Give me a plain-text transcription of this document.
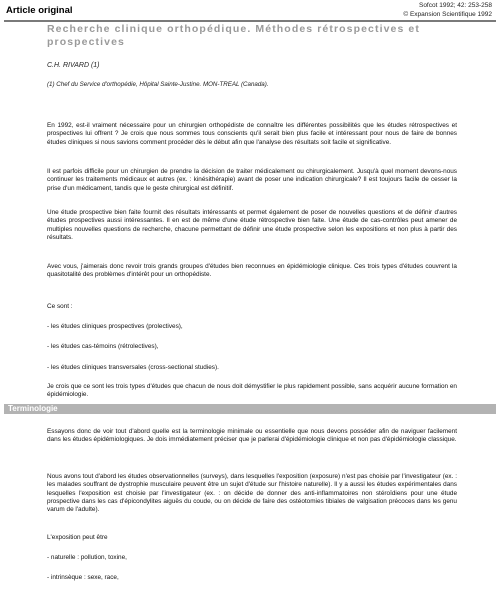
Article original	Sofcot 1992; 42: 253-258
© Expansion Scientifique 1992
Recherche clinique orthopédique. Méthodes rétrospectives et prospectives
C.H. RIVARD (1)
(1) Chef du Service d'orthopédie, Hôpital Sainte-Justine. MON-TREAL (Canada).
En 1992, est-il vraiment nécessaire pour un chirurgien orthopédiste de connaître les différentes possibilités que les études rétrospectives et prospectives lui offrent ? Je crois que nous sommes tous conscients qu'il serait bien plus facile et intéressant pour nous de faire de bonnes études cliniques si nous savions comment procéder dès le début afin que l'analyse des résultats soit facile et significative.
Il est parfois difficile pour un chirurgien de prendre la décision de traiter médicalement ou chirurgicalement. Jusqu'à quel moment devons-nous continuer les traitements médicaux et autres (ex. : kinésithérapie) avant de poser une indication chirurgicale? Il est toujours facile de cesser la prise d'un médicament, tandis que le geste chirurgical est définitif.
Une étude prospective bien faite fournit des résultats intéressants et permet également de poser de nouvelles questions et de définir d'autres études prospectives aussi intéressantes. Il en est de même d'une étude rétrospective bien faite. Une étude de cas-contrôles peut amener de multiples nouvelles questions de recherche, chacune permettant de définir une étude prospective selon les expositions et non plus à partir des résultats.
Avec vous, j'aimerais donc revoir trois grands groupes d'études bien reconnues en épidémiologie clinique. Ces trois types d'études couvrent la quasitotalité des problèmes d'intérêt pour un orthopédiste.
Ce sont :
- les études cliniques prospectives (prolectives),
- les études cas-témoins (rétrolectives),
- les études cliniques transversales (cross-sectional studies).
Je crois que ce sont les trois types d'études que chacun de nous doit démystifier le plus rapidement possible, sans acquérir aucune formation en épidémiologie.
Terminologie
Essayons donc de voir tout d'abord quelle est la terminologie minimale ou essentielle que nous devons posséder afin de naviguer facilement dans les études épidémiologiques. Je dois immédiatement préciser que je parlerai d'épidémiologie clinique et non pas d'épidémiologie classique.
Nous avons tout d'abord les études observationnelles (surveys), dans lesquelles l'exposition (exposure) n'est pas choisie par l'investigateur (ex. : les malades souffrant de dystrophie musculaire peuvent être un sujet d'étude sur l'histoire naturelle). Il y a aussi les études expérimentales dans lesquelles l'exposition est choisie par l'investigateur (ex. : on décide de donner des anti-inflammatoires non stéroïdiens pour une étude prospective dans les cas d'épicondylites aiguës du coude, ou on décide de faire des ostéotomies tibiales de valgisation précoces dans les genu varum de l'adulte).
L'exposition peut être
- naturelle : pollution, toxine,
- intrinsèque : sexe, race,
